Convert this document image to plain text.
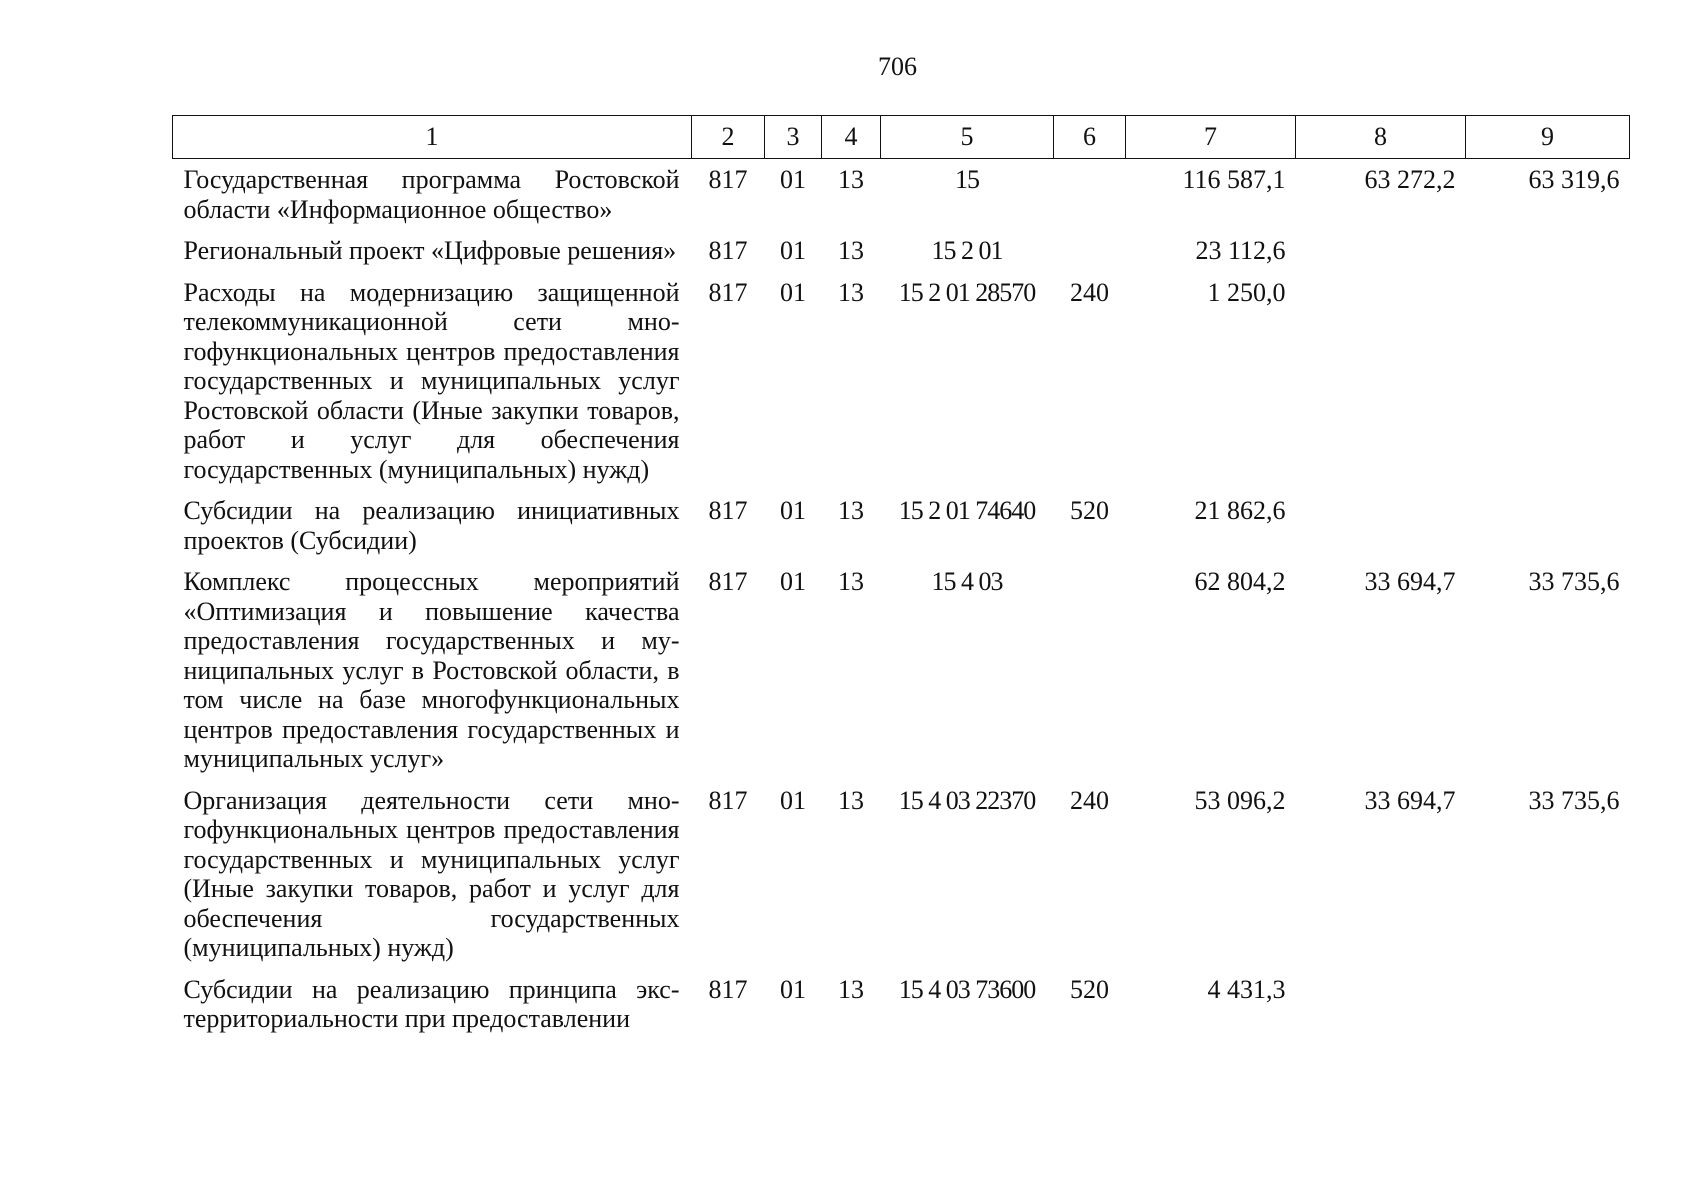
706
1	2	3	4	5	6	7	8	9
Государственная программа Ростовской области «Информационное общество»	817	01	13	15		116 587,1	63 272,2	63 319,6
Региональный проект «Цифровые решения»	817	01	13	15 2 01		23 112,6		
Расходы на модернизацию защищенной телекоммуникационной сети многофункциональных центров предоставления государственных и муниципальных услуг Ростовской области (Иные закупки товаров, работ и услуг для обеспечения государственных (муниципальных) нужд)	817	01	13	15 2 01 28570	240	1 250,0		
Субсидии на реализацию инициативных проектов (Субсидии)	817	01	13	15 2 01 74640	520	21 862,6		
Комплекс процессных мероприятий «Оптимизация и повышение качества предоставления государственных и муниципальных услуг в Ростовской области, в том числе на базе многофункциональных центров предоставления государственных и муниципальных услуг»	817	01	13	15 4 03		62 804,2	33 694,7	33 735,6
Организация деятельности сети многофункциональных центров предоставления государственных и муниципальных услуг (Иные закупки товаров, работ и услуг для обеспечения государственных (муниципальных) нужд)	817	01	13	15 4 03 22370	240	53 096,2	33 694,7	33 735,6
Субсидии на реализацию принципа экстерриториальности при предоставлении	817	01	13	15 4 03 73600	520	4 431,3		
